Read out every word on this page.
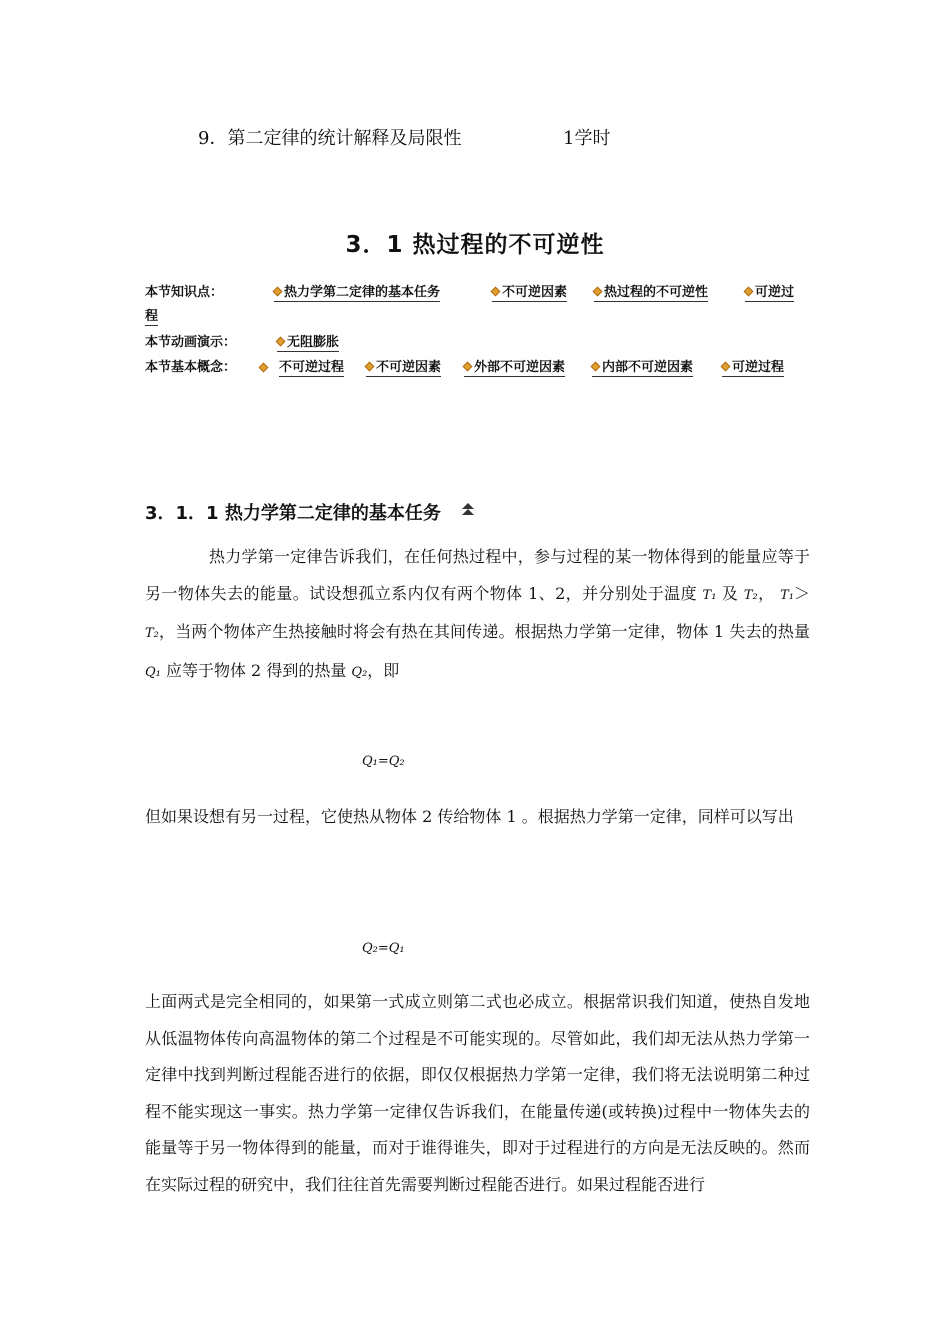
9．第二定律的统计解释及局限性	1学时
3．1 热过程的不可逆性
本节知识点：	热力学第二定律的基本任务	不可逆因素	热过程的不可逆性	可逆过
程
本节动画演示：	无阻膨胀
本节基本概念：	不可逆过程	不可逆因素	外部不可逆因素	内部不可逆因素	可逆过程
3．1．1 热力学第二定律的基本任务

热力学第一定律告诉我们，在任何热过程中，参与过程的某一物体得到的能量应等于另一物体失去的能量。试设想孤立系内仅有两个物体 1、2，并分别处于温度 T₁ 及 T₂， T₁＞T₂，当两个物体产生热接触时将会有热在其间传递。根据热力学第一定律，物体 1 失去的热量 Q₁ 应等于物体 2 得到的热量 Q₂，即

Q₁=Q₂

但如果设想有另一过程，它使热从物体 2 传给物体 1 。根据热力学第一定律，同样可以写出

Q₂=Q₁

上面两式是完全相同的，如果第一式成立则第二式也必成立。根据常识我们知道，使热自发地从低温物体传向高温物体的第二个过程是不可能实现的。尽管如此，我们却无法从热力学第一定律中找到判断过程能否进行的依据，即仅仅根据热力学第一定律，我们将无法说明第二种过程不能实现这一事实。热力学第一定律仅告诉我们，在能量传递(或转换)过程中一物体失去的能量等于另一物体得到的能量，而对于谁得谁失，即对于过程进行的方向是无法反映的。然而在实际过程的研究中，我们往往首先需要判断过程能否进行。如果过程能否进行
